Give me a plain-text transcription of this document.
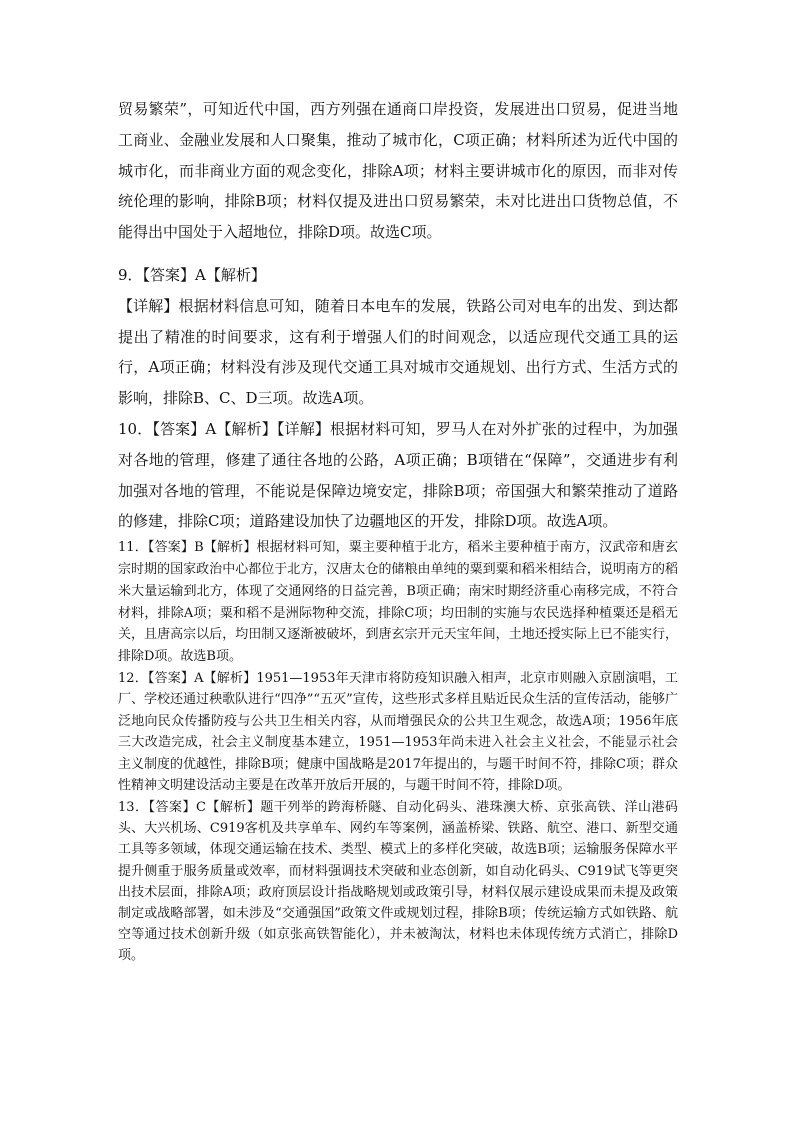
贸易繁荣”，可知近代中国，西方列强在通商口岸投资，发展进出口贸易，促进当地工商业、金融业发展和人口聚集，推动了城市化，C项正确；材料所述为近代中国的城市化，而非商业方面的观念变化，排除A项；材料主要讲城市化的原因，而非对传统伦理的影响，排除B项；材料仅提及进出口贸易繁荣，未对比进出口货物总值，不能得出中国处于入超地位，排除D项。故选C项。

9．【答案】A【解析】

【详解】根据材料信息可知，随着日本电车的发展，铁路公司对电车的出发、到达都提出了精准的时间要求，这有利于增强人们的时间观念，以适应现代交通工具的运行，A项正确；材料没有涉及现代交通工具对城市交通规划、出行方式、生活方式的影响，排除B、C、D三项。故选A项。

10．【答案】A【解析】【详解】根据材料可知，罗马人在对外扩张的过程中，为加强对各地的管理，修建了通往各地的公路，A项正确；B项错在“保障”，交通进步有利加强对各地的管理，不能说是保障边境安定，排除B项；帝国强大和繁荣推动了道路的修建，排除C项；道路建设加快了边疆地区的开发，排除D项。故选A项。

11．【答案】B【解析】根据材料可知，粟主要种植于北方，稻米主要种植于南方，汉武帝和唐玄宗时期的国家政治中心都位于北方，汉唐太仓的储粮由单纯的粟到粟和稻米相结合，说明南方的稻米大量运输到北方，体现了交通网络的日益完善，B项正确；南宋时期经济重心南移完成，不符合材料，排除A项；粟和稻不是洲际物种交流，排除C项；均田制的实施与农民选择种植粟还是稻无关，且唐高宗以后，均田制又逐渐被破坏，到唐玄宗开元天宝年间，土地还授实际上已不能实行，排除D项。故选B项。

12．【答案】A【解析】1951—1953年天津市将防疫知识融入相声，北京市则融入京剧演唱，工厂、学校还通过秧歌队进行“四净”“五灭”宣传，这些形式多样且贴近民众生活的宣传活动，能够广泛地向民众传播防疫与公共卫生相关内容，从而增强民众的公共卫生观念，故选A项；1956年底三大改造完成，社会主义制度基本建立，1951—1953年尚未进入社会主义社会，不能显示社会主义制度的优越性，排除B项；健康中国战略是2017年提出的，与题干时间不符，排除C项；群众性精神文明建设活动主要是在改革开放后开展的，与题干时间不符，排除D项。

13．【答案】C【解析】题干列举的跨海桥隧、自动化码头、港珠澳大桥、京张高铁、洋山港码头、大兴机场、C919客机及共享单车、网约车等案例，涵盖桥梁、铁路、航空、港口、新型交通工具等多领域，体现交通运输在技术、类型、模式上的多样化突破，故选B项；运输服务保障水平提升侧重于服务质量或效率，而材料强调技术突破和业态创新，如自动化码头、C919试飞等更突出技术层面，排除A项；政府顶层设计指战略规划或政策引导，材料仅展示建设成果而未提及政策制定或战略部署，如未涉及“交通强国”政策文件或规划过程，排除B项；传统运输方式如铁路、航空等通过技术创新升级（如京张高铁智能化），并未被淘汰，材料也未体现传统方式消亡，排除D项。
